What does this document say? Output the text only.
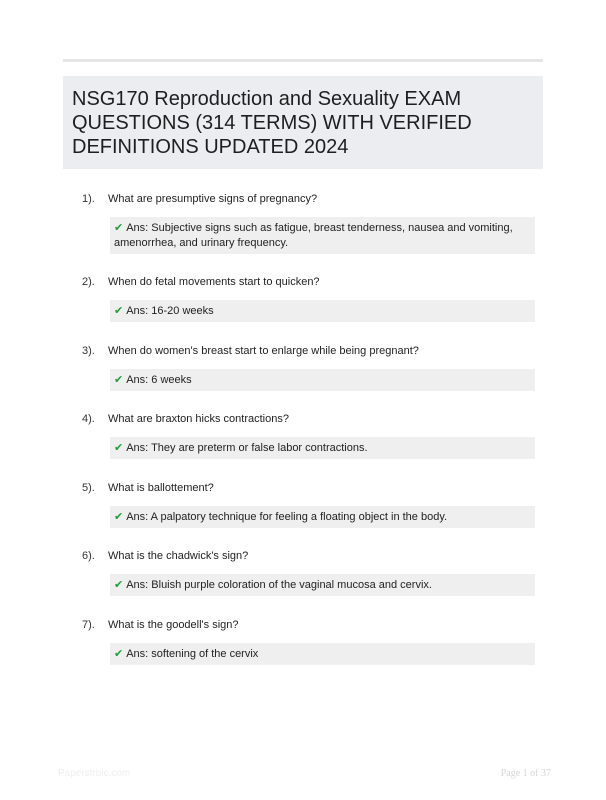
NSG170 Reproduction and Sexuality EXAM QUESTIONS (314 TERMS) WITH VERIFIED DEFINITIONS UPDATED 2024
1).	What are presumptive signs of pregnancy?
✔ Ans: Subjective signs such as fatigue, breast tenderness, nausea and vomiting, amenorrhea, and urinary frequency.
2).	When do fetal movements start to quicken?
✔ Ans: 16-20 weeks
3).	When do women's breast start to enlarge while being pregnant?
✔ Ans: 6 weeks
4).	What are braxton hicks contractions?
✔ Ans: They are preterm or false labor contractions.
5).	What is ballottement?
✔ Ans: A palpatory technique for feeling a floating object in the body.
6).	What is the chadwick's sign?
✔ Ans: Bluish purple coloration of the vaginal mucosa and cervix.
7).	What is the goodell's sign?
✔ Ans: softening of the cervix
Paperstrbic.com	Page 1 of 37
